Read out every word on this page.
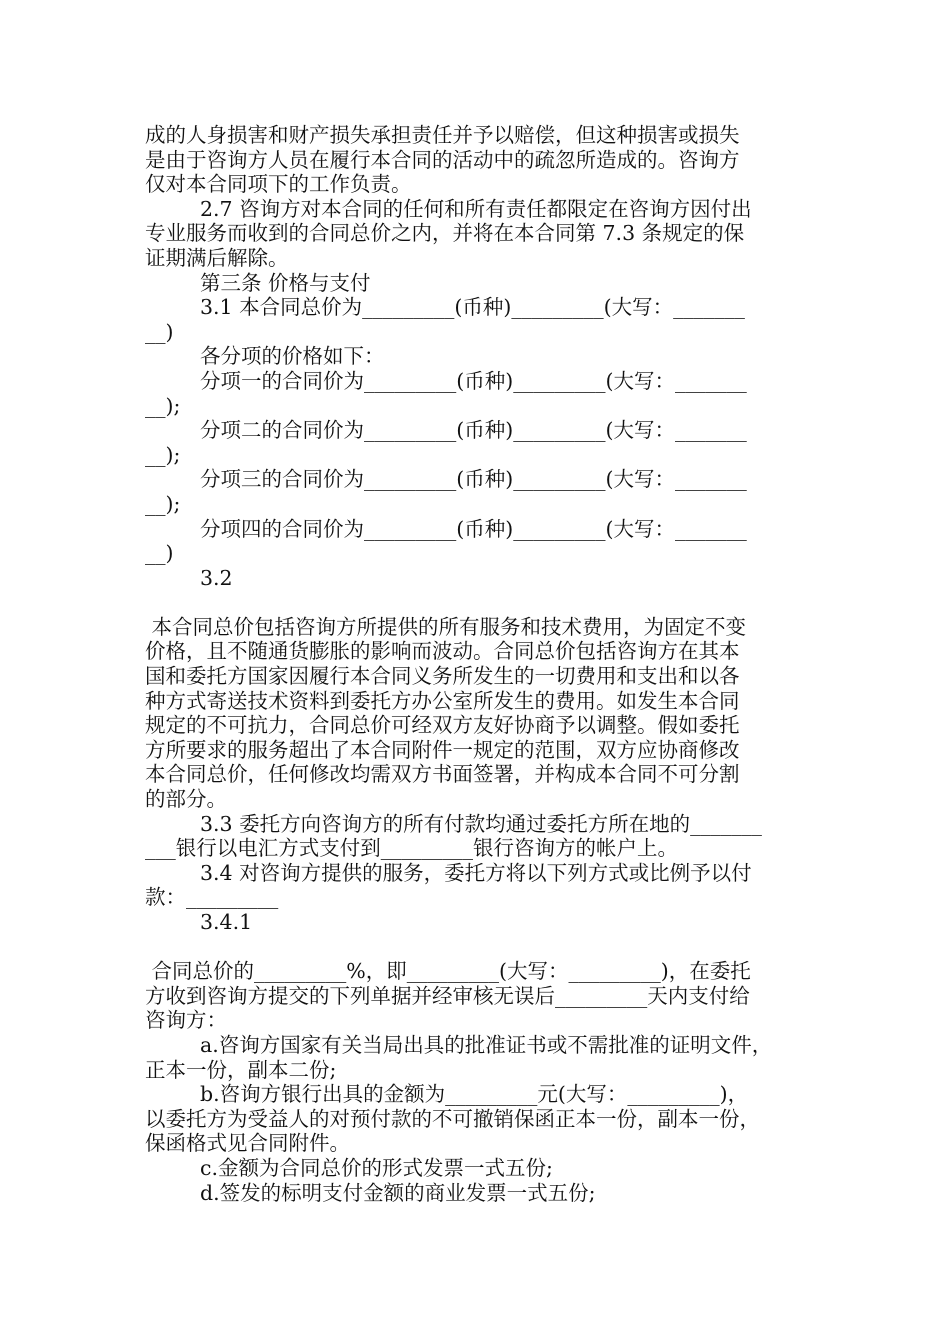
成的人身损害和财产损失承担责任并予以赔偿，但这种损害或损失
是由于咨询方人员在履行本合同的活动中的疏忽所造成的。咨询方
仅对本合同项下的工作负责。
2.7 咨询方对本合同的任何和所有责任都限定在咨询方因付出
专业服务而收到的合同总价之内，并将在本合同第 7.3 条规定的保
证期满后解除。
第三条 价格与支付
3.1 本合同总价为_________(币种)_________(大写：_______
__)
各分项的价格如下：
分项一的合同价为_________(币种)_________(大写：_______
__);
分项二的合同价为_________(币种)_________(大写：_______
__);
分项三的合同价为_________(币种)_________(大写：_______
__);
分项四的合同价为_________(币种)_________(大写：_______
__)
3.2
本合同总价包括咨询方所提供的所有服务和技术费用，为固定不变
价格，且不随通货膨胀的影响而波动。合同总价包括咨询方在其本
国和委托方国家因履行本合同义务所发生的一切费用和支出和以各
种方式寄送技术资料到委托方办公室所发生的费用。如发生本合同
规定的不可抗力，合同总价可经双方友好协商予以调整。假如委托
方所要求的服务超出了本合同附件一规定的范围，双方应协商修改
本合同总价，任何修改均需双方书面签署，并构成本合同不可分割
的部分。
3.3 委托方向咨询方的所有付款均通过委托方所在地的_______
___银行以电汇方式支付到_________银行咨询方的帐户上。
3.4 对咨询方提供的服务，委托方将以下列方式或比例予以付
款：_________
3.4.1
合同总价的_________%，即_________(大写：_________)，在委托
方收到咨询方提交的下列单据并经审核无误后_________天内支付给
咨询方：
a.咨询方国家有关当局出具的批准证书或不需批准的证明文件，
正本一份，副本二份;
b.咨询方银行出具的金额为_________元(大写：_________)，
以委托方为受益人的对预付款的不可撤销保函正本一份，副本一份，
保函格式见合同附件。
c.金额为合同总价的形式发票一式五份;
d.签发的标明支付金额的商业发票一式五份;
